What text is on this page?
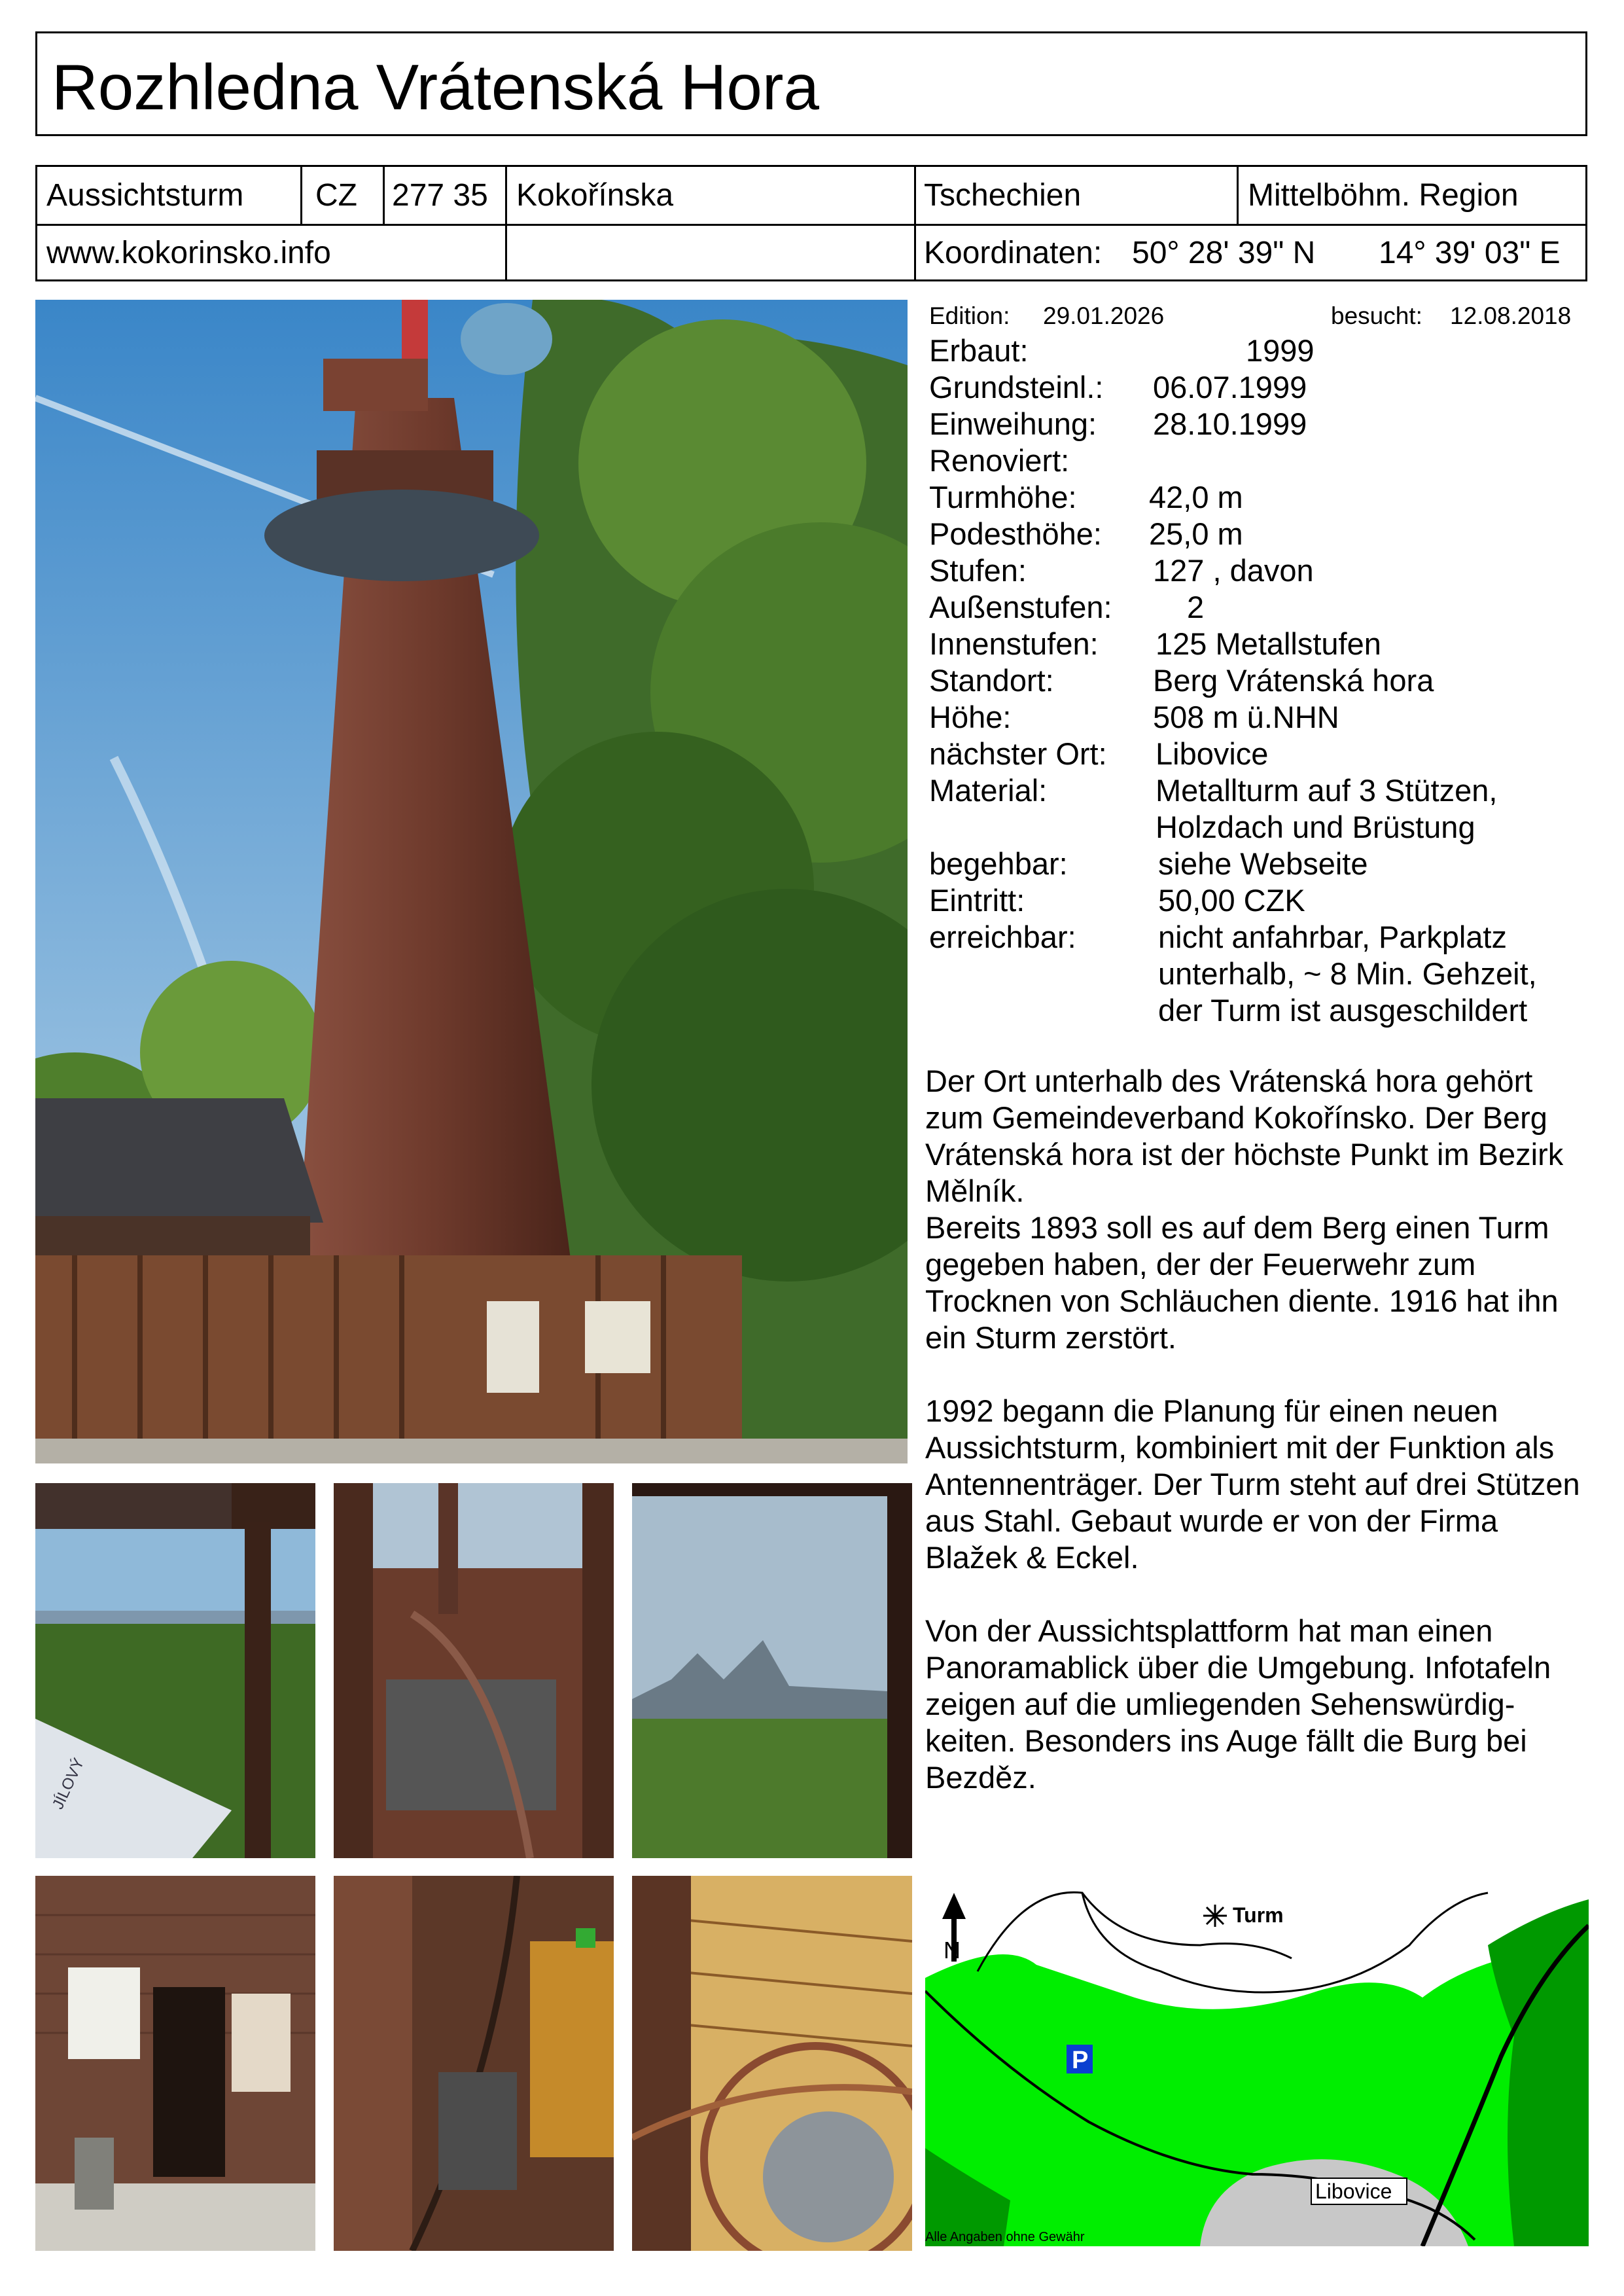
Rozhledna Vrátenská Hora
Aussichtsturm CZ 277 35 Kokořínska	Tschechien	Mittelböhm. Region
www.kokorinsko.info	Koordinaten: 50° 28' 39" N 14° 39' 03" E
JÍLOVÝ
Edition: 29.01.2026	besucht: 12.08.2018
Erbaut:	1999
Grundsteinl.: 06.07.1999
Einweihung: 28.10.1999
Renoviert:
Turmhöhe: 42,0 m
Podesthöhe: 25,0 m
Stufen:	127 , davon
Außenstufen: 2
Innenstufen: 125 Metallstufen
Standort:	Berg Vrátenská hora
Höhe:	508 m ü.NHN
nächster Ort: Libovice
Material:	Metallturm auf 3 Stützen,
Holzdach und Brüstung
begehbar:	siehe Webseite
Eintritt:	50,00 CZK
erreichbar:	nicht anfahrbar, Parkplatz
unterhalb, ~ 8 Min. Gehzeit,
der Turm ist ausgeschildert

Der Ort unterhalb des Vrátenská hora gehört zum Gemeindeverband Kokořínsko. Der Berg Vrátenská hora ist der höchste Punkt im Bezirk Mělník.

Bereits 1893 soll es auf dem Berg einen Turm gegeben haben, der der Feuerwehr zum Trocknen von Schläuchen diente. 1916 hat ihn ein Sturm zerstört.

1992 begann die Planung für einen neuen Aussichtsturm, kombiniert mit der Funktion als Antennenträger. Der Turm steht auf drei Stützen aus Stahl. Gebaut wurde er von der Firma Blažek & Eckel.

Von der Aussichtsplattform hat man einen Panoramablick über die Umgebung. Infotafeln zeigen auf die umliegenden Sehenswürdig-keiten. Besonders ins Auge fällt die Burg bei Bezděz.

N
Turm
P
Libovice
Alle Angaben ohne Gewähr
